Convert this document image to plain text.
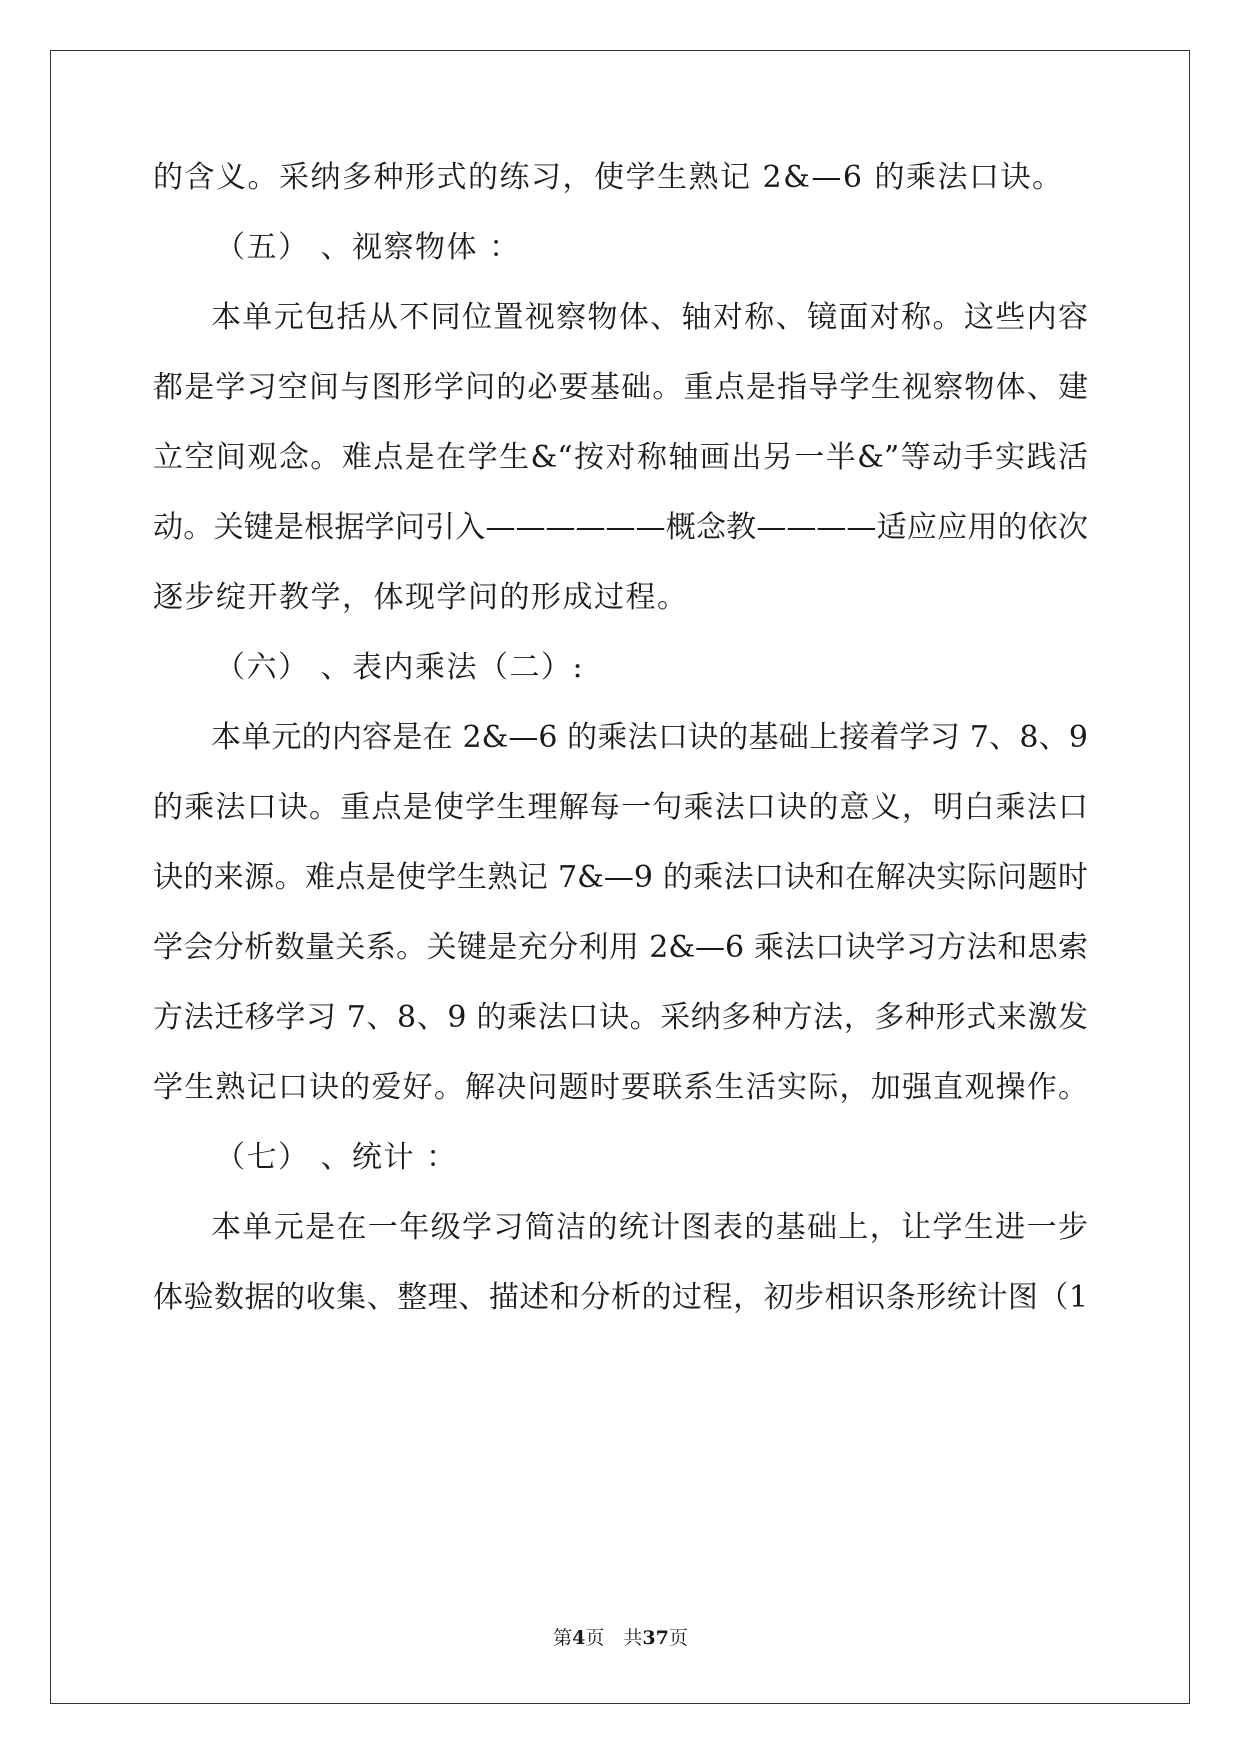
的含义。采纳多种形式的练习，使学生熟记 2&—6 的乘法口诀。
（五） 、视察物体 ：
本单元包括从不同位置视察物体、轴对称、镜面对称。这些内容
都是学习空间与图形学问的必要基础。重点是指导学生视察物体、建
立空间观念。难点是在学生&“按对称轴画出另一半&”等动手实践活
动。关键是根据学问引入——————概念教————适应应用的依次
逐步绽开教学，体现学问的形成过程。
（六） 、表内乘法（二）:
本单元的内容是在 2&—6 的乘法口诀的基础上接着学习 7、8、9
的乘法口诀。重点是使学生理解每一句乘法口诀的意义，明白乘法口
诀的来源。难点是使学生熟记 7&—9 的乘法口诀和在解决实际问题时
学会分析数量关系。关键是充分利用 2&—6 乘法口诀学习方法和思索
方法迁移学习 7、8、9 的乘法口诀。采纳多种方法，多种形式来激发
学生熟记口诀的爱好。解决问题时要联系生活实际，加强直观操作。
（七） 、统计 ：
本单元是在一年级学习简洁的统计图表的基础上，让学生进一步
体验数据的收集、整理、描述和分析的过程，初步相识条形统计图（1
第4页　共37页
